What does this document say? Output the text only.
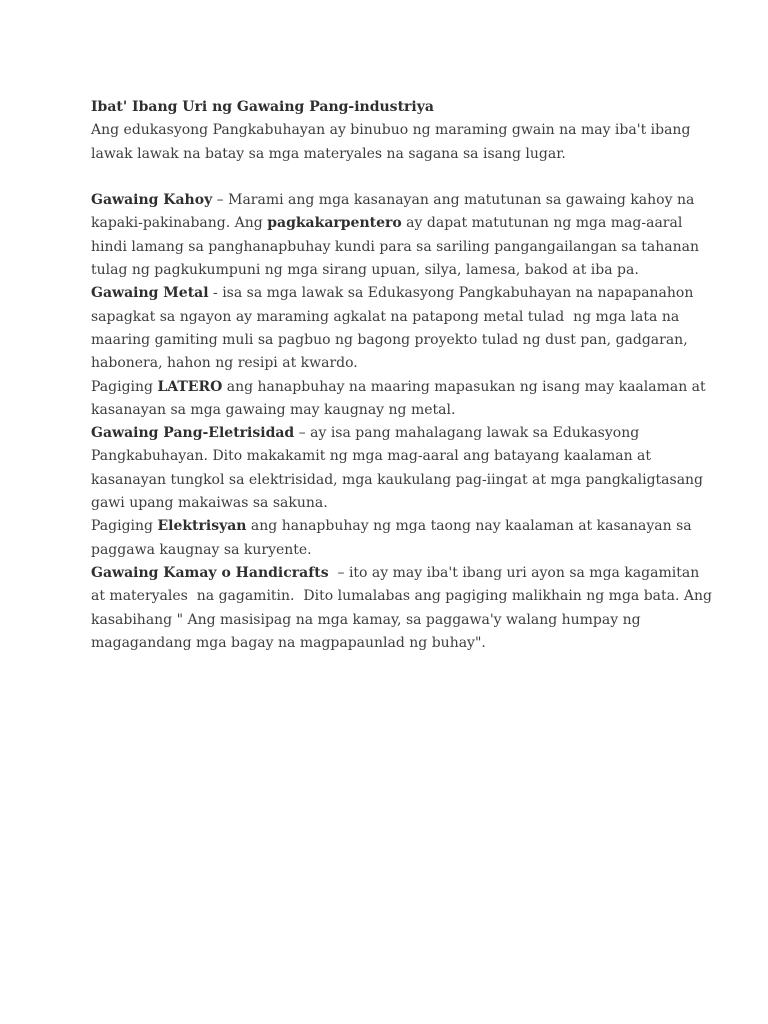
Ibat' Ibang Uri ng Gawaing Pang-industriya
Ang edukasyong Pangkabuhayan ay binubuo ng maraming gwain na may iba't ibang
lawak lawak na batay sa mga materyales na sagana sa isang lugar.
Gawaing Kahoy – Marami ang mga kasanayan ang matutunan sa gawaing kahoy na
kapaki-pakinabang. Ang pagkakarpentero ay dapat matutunan ng mga mag-aaral
hindi lamang sa panghanapbuhay kundi para sa sariling pangangailangan sa tahanan
tulag ng pagkukumpuni ng mga sirang upuan, silya, lamesa, bakod at iba pa.
Gawaing Metal - isa sa mga lawak sa Edukasyong Pangkabuhayan na napapanahon
sapagkat sa ngayon ay maraming agkalat na patapong metal tulad  ng mga lata na
maaring gamiting muli sa pagbuo ng bagong proyekto tulad ng dust pan, gadgaran,
habonera, hahon ng resipi at kwardo.
Pagiging LATERO ang hanapbuhay na maaring mapasukan ng isang may kaalaman at
kasanayan sa mga gawaing may kaugnay ng metal.
Gawaing Pang-Eletrisidad – ay isa pang mahalagang lawak sa Edukasyong
Pangkabuhayan. Dito makakamit ng mga mag-aaral ang batayang kaalaman at
kasanayan tungkol sa elektrisidad, mga kaukulang pag-iingat at mga pangkaligtasang
gawi upang makaiwas sa sakuna.
Pagiging Elektrisyan ang hanapbuhay ng mga taong nay kaalaman at kasanayan sa
paggawa kaugnay sa kuryente.
Gawaing Kamay o Handicrafts  – ito ay may iba't ibang uri ayon sa mga kagamitan
at materyales  na gagamitin.  Dito lumalabas ang pagiging malikhain ng mga bata. Ang
kasabihang " Ang masisipag na mga kamay, sa paggawa'y walang humpay ng
magagandang mga bagay na magpapaunlad ng buhay".
